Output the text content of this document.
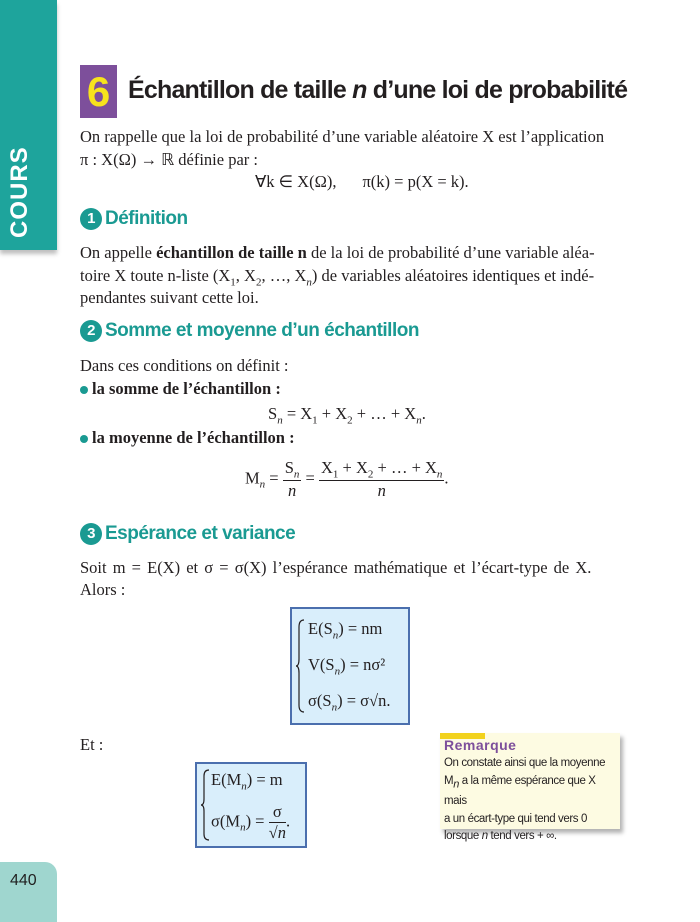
COURS
440
6 Échantillon de taille n d’une loi de probabilité
On rappelle que la loi de probabilité d’une variable aléatoire X est l’application
π : X(Ω) → ℝ définie par :
∀k ∈ X(Ω), π(k) = p(X = k).
1 Définition
On appelle échantillon de taille n de la loi de probabilité d’une variable aléa-
toire X toute n-liste ($X_1$, $X_2$, …, $X_n$) de variables aléatoires identiques et indé-
pendantes suivant cette loi.
2 Somme et moyenne d’un échantillon
Dans ces conditions on définit :
la somme de l’échantillon :
$S_n = X_1 + X_2$ + … + $X_n$.
la moyenne de l’échantillon :
$M_n = \frac{S_n}{n} = \frac{X_1 + X_2 + \dots + X_n}{n}$ .
3 Espérance et variance
Soit m = E(X) et σ = σ(X) l’espérance mathématique et l’écart-type de X.
Alors :
$E(S_n)$ = nm
$V(S_n) = n\sigma^2$
$\sigma(S_n) = \sigma√n$.
Et :
$E(M_n) = m$
$\sigma(M_n) = \frac{\sigma}{√n}$ .
Remarque
On constate ainsi que la moyenne
$M_n$ a la même espérance que X mais
a un écart-type qui tend vers 0
lorsque n tend vers + ∞.
